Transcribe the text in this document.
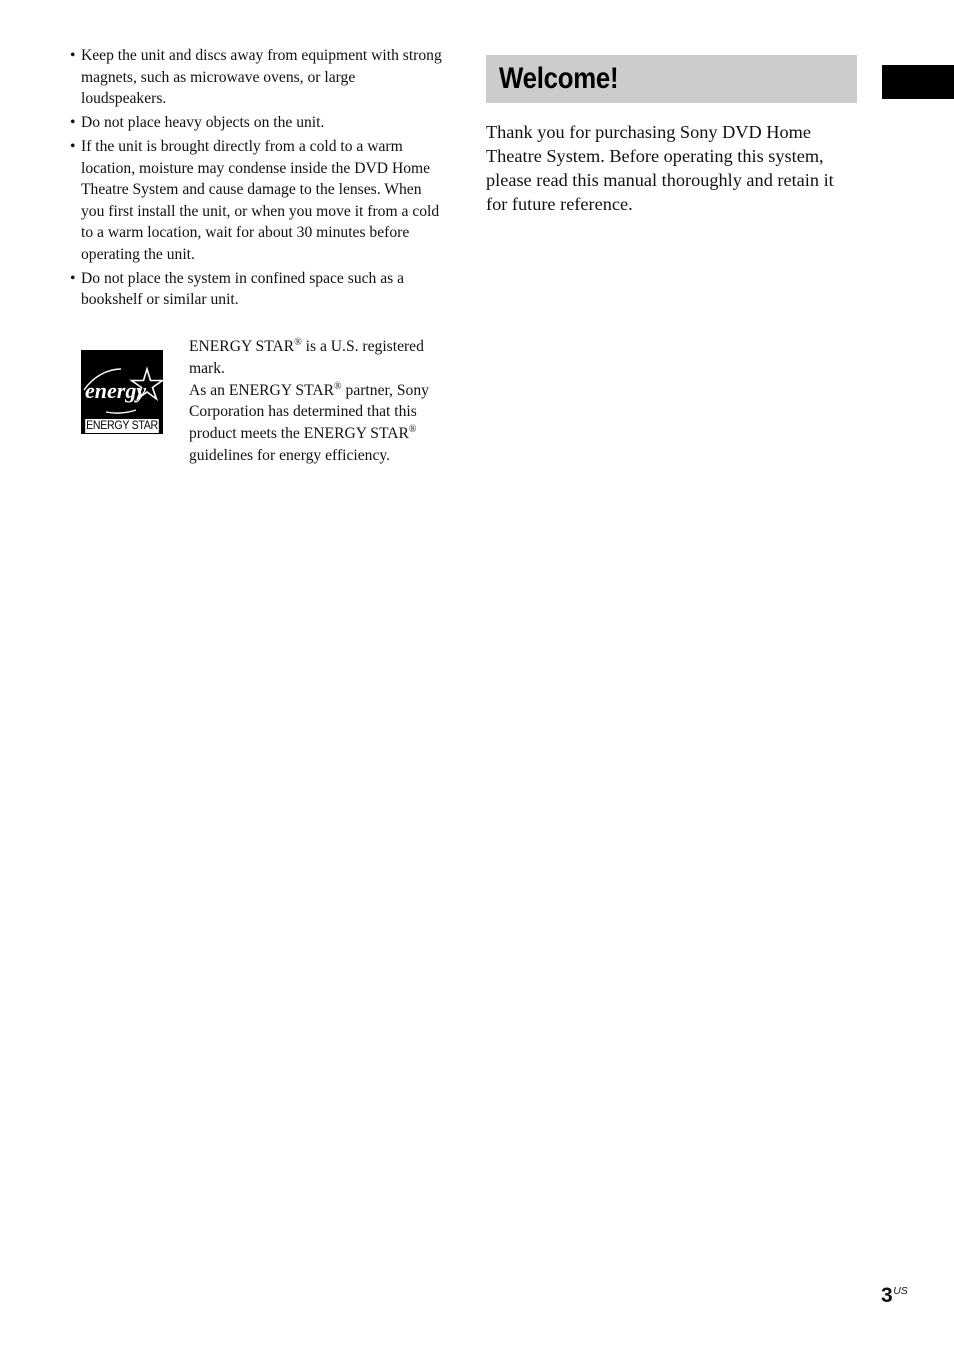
• Keep the unit and discs away from equipment with strong magnets, such as microwave ovens, or large loudspeakers.
• Do not place heavy objects on the unit.
• If the unit is brought directly from a cold to a warm location, moisture may condense inside the DVD Home Theatre System and cause damage to the lenses. When you first install the unit, or when you move it from a cold to a warm location, wait for about 30 minutes before operating the unit.
• Do not place the system in confined space such as a bookshelf or similar unit.
energy
ENERGY STAR

ENERGY STAR® is a U.S. registered mark.

As an ENERGY STAR® partner, Sony Corporation has determined that this product meets the ENERGY STAR® guidelines for energy efficiency.

Welcome!

Thank you for purchasing Sony DVD Home Theatre System. Before operating this system, please read this manual thoroughly and retain it for future reference.

$3^{US}$
